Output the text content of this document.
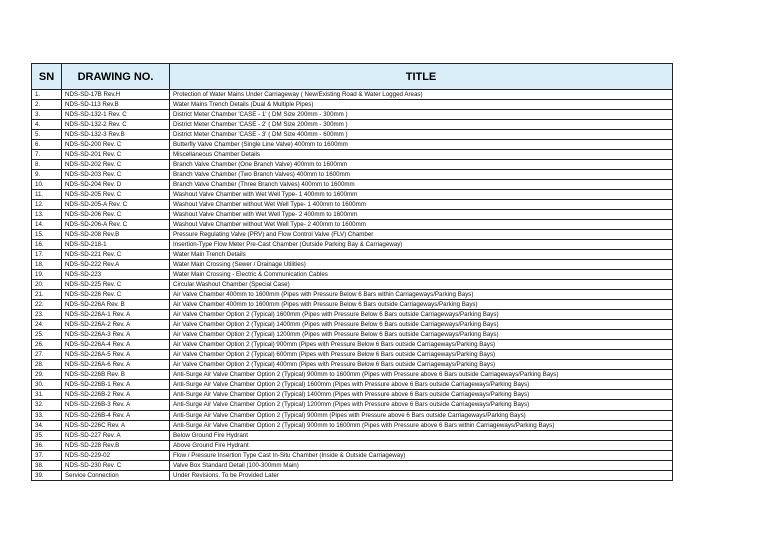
SN	DRAWING NO.	TITLE
1.	NDS-SD-17B Rev.H	Protection of Water Mains Under Carriageway ( New/Existing Road & Water Logged Areas)
2.	NDS-SD-113 Rev.B	Water Mains Trench Details (Dual & Multiple Pipes)
3.	NDS-SD-132-1 Rev. C	District Meter Chamber 'CASE - 1' ( DM Size 200mm - 300mm )
4.	NDS-SD-132-2 Rev. C	District Meter Chamber 'CASE - 2' ( DM Size 200mm - 300mm )
5.	NDS-SD-132-3 Rev.B	District Meter Chamber 'CASE - 3' ( DM Size 400mm - 600mm )
6.	NDS-SD-200 Rev. C	Butterfly Valve Chamber (Single Line Valve) 400mm to 1600mm
7.	NDS-SD-201 Rev. C	Miscellaneous Chamber Details
8.	NDS-SD-202 Rev. C	Branch Valve Chamber (One Branch Valve) 400mm to 1600mm
9.	NDS-SD-203 Rev. C	Branch Valve Chamber (Two Branch Valves) 400mm to 1600mm
10.	NDS-SD-204 Rev. D	Branch Valve Chamber (Three Branch Valves) 400mm to 1600mm
11.	NDS-SD-205 Rev. C	Washout Valve Chamber with Wet Well Type- 1 400mm to 1600mm
12.	NDS-SD-205-A Rev. C	Washout Valve Chamber without Wet Well Type- 1 400mm to 1600mm
13.	NDS-SD-206 Rev. C	Washout Valve Chamber with Wet Well Type- 2 400mm to 1600mm
14.	NDS-SD-206-A Rev. C	Washout Valve Chamber without Wet Well Type- 2 400mm to 1600mm
15.	NDS-SD-208 Rev.B	Pressure Regulating Valve (PRV) and Flow Control Valve (FLV) Chamber
16.	NDS-SD-218-1	Insertion-Type Flow Meter Pre-Cast Chamber (Outside Parking Bay & Carriageway)
17.	NDS-SD-221 Rev. C	Water Main Trench Details
18.	NDS-SD-222 Rev.A	Water Main Crossing (Sewer / Drainage Utilities)
19.	NDS-SD-223	Water Main Crossing - Electric & Communication Cables
20.	NDS-SD-225 Rev. C	Circular Washout Chamber (Special Case)
21.	NDS-SD-226 Rev. C	Air Valve Chamber 400mm to 1600mm (Pipes with Pressure Below 6 Bars within Carriageways/Parking Bays)
22.	NDS-SD-226A Rev. B	Air Valve Chamber 400mm to 1600mm (Pipes with Pressure Below 6 Bars outside Carriageways/Parking Bays)
23.	NDS-SD-226A-1 Rev. A	Air Valve Chamber Option 2 (Typical) 1600mm (Pipes with Pressure Below 6 Bars outside Carriageways/Parking Bays)
24.	NDS-SD-226A-2 Rev. A	Air Valve Chamber Option 2 (Typical) 1400mm (Pipes with Pressure Below 6 Bars outside Carriageways/Parking Bays)
25.	NDS-SD-226A-3 Rev. A	Air Valve Chamber Option 2 (Typical) 1200mm (Pipes with Pressure Below 6 Bars outside Carriageways/Parking Bays)
26.	NDS-SD-226A-4 Rev. A	Air Valve Chamber Option 2 (Typical) 900mm (Pipes with Pressure Below 6 Bars outside Carriageways/Parking Bays)
27.	NDS-SD-226A-5 Rev. A	Air Valve Chamber Option 2 (Typical) 600mm (Pipes with Pressure Below 6 Bars outside Carriageways/Parking Bays)
28.	NDS-SD-226A-6 Rev. A	Air Valve Chamber Option 2 (Typical) 400mm (Pipes with Pressure Below 6 Bars outside Carriageways/Parking Bays)
29.	NDS-SD-226B Rev. B	Anti-Surge Air Valve Chamber Option 2 (Typical) 900mm to 1600mm (Pipes with Pressure above 6 Bars outside Carriageways/Parking Bays)
30.	NDS-SD-226B-1 Rev. A	Anti-Surge Air Valve Chamber Option 2 (Typical) 1600mm (Pipes with Pressure above 6 Bars outside Carriageways/Parking Bays)
31.	NDS-SD-226B-2 Rev. A	Anti-Surge Air Valve Chamber Option 2 (Typical) 1400mm (Pipes with Pressure above 6 Bars outside Carriageways/Parking Bays)
32.	NDS-SD-226B-3 Rev. A	Anti-Surge Air Valve Chamber Option 2 (Typical) 1200mm (Pipes with Pressure above 6 Bars outside Carriageways/Parking Bays)
33.	NDS-SD-226B-4 Rev. A	Anti-Surge Air Valve Chamber Option 2 (Typical) 900mm (Pipes with Pressure above 6 Bars outside Carriageways/Parking Bays)
34.	NDS-SD-226C Rev. A	Anti-Surge Air Valve Chamber Option 2 (Typical) 900mm to 1600mm (Pipes with Pressure above 6 Bars within Carriageways/Parking Bays)
35.	NDS-SD-227 Rev. A	Below Ground Fire Hydrant
36.	NDS-SD-228 Rev.B	Above Ground Fire Hydrant
37.	NDS-SD-229-02	Flow / Pressure Insertion Type Cast In-Situ Chamber (Inside & Outside Carriageway)
38.	NDS-SD-230 Rev. C	Valve Box Standard Detail (100-300mm Main)
39.	Service Connection	Under Revisions. To be Provided Later
